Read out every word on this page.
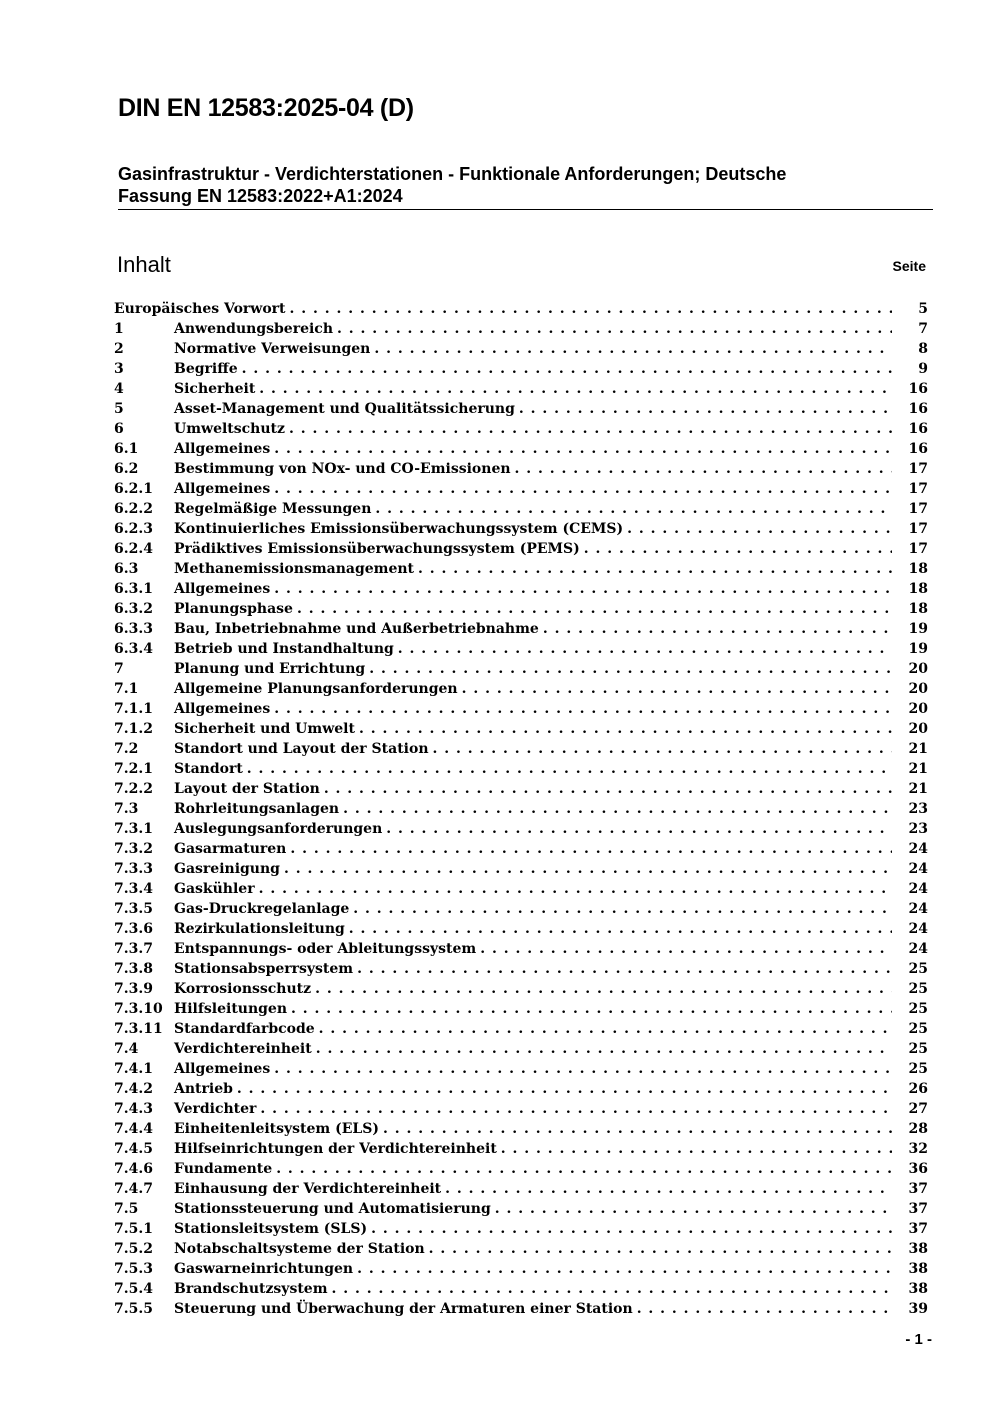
DIN EN 12583:2025-04 (D)
Gasinfrastruktur - Verdichterstationen - Funktionale Anforderungen; Deutsche
Fassung EN 12583:2022+A1:2024
Inhalt	Seite
Europäisches Vorwort . . .	5
1	Anwendungsbereich . . .	7
2	Normative Verweisungen . . .	8
3	Begriffe . . .	9
4	Sicherheit . . .	16
5	Asset-Management und Qualitätssicherung . . .	16
6	Umweltschutz . . .	16
6.1	Allgemeines . . .	16
6.2	Bestimmung von NOx- und CO-Emissionen . . .	17
6.2.1	Allgemeines . . .	17
6.2.2	Regelmäßige Messungen . . .	17
6.2.3	Kontinuierliches Emissionsüberwachungssystem (CEMS) . . .	17
6.2.4	Prädiktives Emissionsüberwachungssystem (PEMS) . . .	17
6.3	Methanemissionsmanagement . . .	18
6.3.1	Allgemeines . . .	18
6.3.2	Planungsphase . . .	18
6.3.3	Bau, Inbetriebnahme und Außerbetriebnahme . . .	19
6.3.4	Betrieb und Instandhaltung . . .	19
7	Planung und Errichtung . . .	20
7.1	Allgemeine Planungsanforderungen . . .	20
7.1.1	Allgemeines . . .	20
7.1.2	Sicherheit und Umwelt . . .	20
7.2	Standort und Layout der Station . . .	21
7.2.1	Standort . . .	21
7.2.2	Layout der Station . . .	21
7.3	Rohrleitungsanlagen . . .	23
7.3.1	Auslegungsanforderungen . . .	23
7.3.2	Gasarmaturen . . .	24
7.3.3	Gasreinigung . . .	24
7.3.4	Gaskühler . . .	24
7.3.5	Gas-Druckregelanlage . . .	24
7.3.6	Rezirkulationsleitung . . .	24
7.3.7	Entspannungs- oder Ableitungssystem . . .	24
7.3.8	Stationsabsperrsystem . . .	25
7.3.9	Korrosionsschutz . . .	25
7.3.10 Hilfsleitungen . . .	25
7.3.11 Standardfarbcode . . .	25
7.4	Verdichtereinheit . . .	25
7.4.1	Allgemeines . . .	25
7.4.2	Antrieb . . .	26
7.4.3	Verdichter . . .	27
7.4.4	Einheitenleitsystem (ELS) . . .	28
7.4.5	Hilfseinrichtungen der Verdichtereinheit . . .	32
7.4.6	Fundamente . . .	36
7.4.7	Einhausung der Verdichtereinheit . . .	37
7.5	Stationssteuerung und Automatisierung . . .	37
7.5.1	Stationsleitsystem (SLS) . . .	37
7.5.2	Notabschaltsysteme der Station . . .	38
7.5.3	Gaswarneinrichtungen . . .	38
7.5.4	Brandschutzsystem . . .	38
7.5.5	Steuerung und Überwachung der Armaturen einer Station . . .	39
- 1 -
